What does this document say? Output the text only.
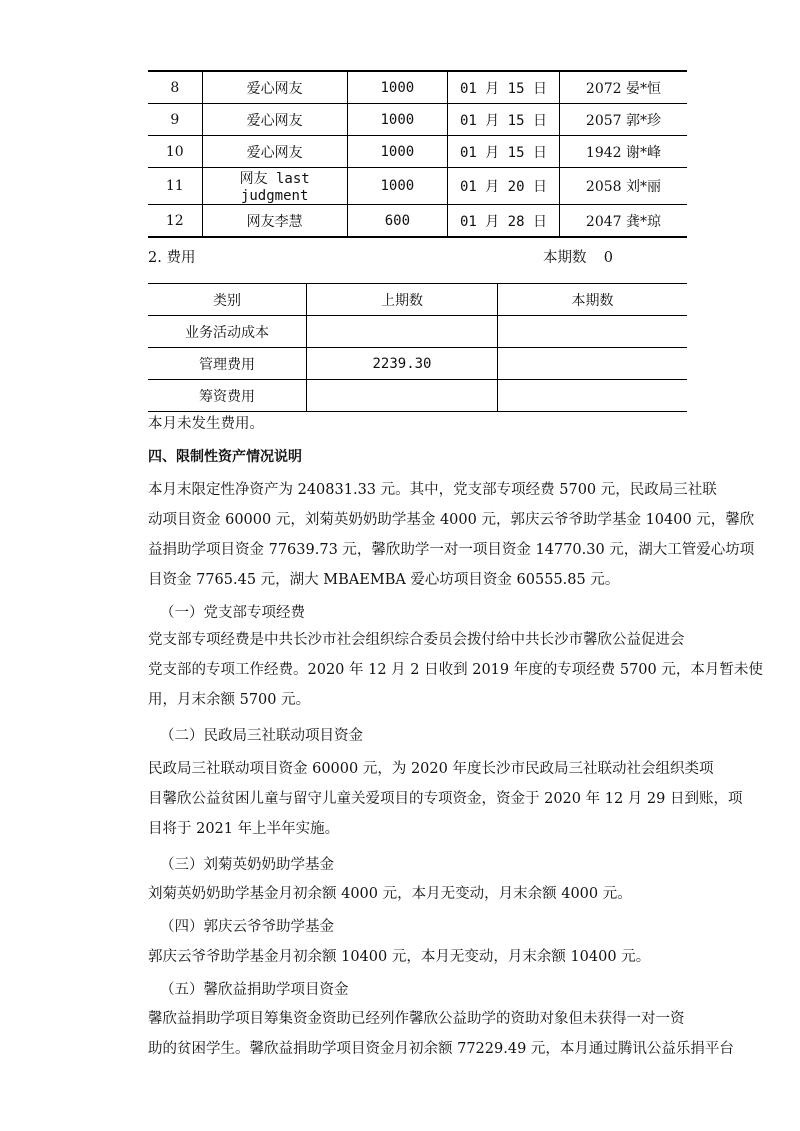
8	爱心网友	1000	01 月 15 日	2072 晏*恒
9	爱心网友	1000	01 月 15 日	2057 郭*珍
10	爱心网友	1000	01 月 15 日	1942 谢*峰
11	网友 last judgment	1000	01 月 20 日	2058 刘*丽
12	网友李慧	600	01 月 28 日	2047 龚*琼
2. 费用	本期数 0
类别	上期数	本期数
业务活动成本		
管理费用	2239.30	
筹资费用		
本月未发生费用。
四、限制性资产情况说明
本月末限定性净资产为 240831.33 元。其中，党支部专项经费 5700 元，民政局三社联
动项目资金 60000 元，刘菊英奶奶助学基金 4000 元，郭庆云爷爷助学基金 10400 元，馨欣
益捐助学项目资金 77639.73 元，馨欣助学一对一项目资金 14770.30 元，湖大工管爱心坊项
目资金 7765.45 元，湖大 MBAEMBA 爱心坊项目资金 60555.85 元。
（一）党支部专项经费
党支部专项经费是中共长沙市社会组织综合委员会拨付给中共长沙市馨欣公益促进会
党支部的专项工作经费。2020 年 12 月 2 日收到 2019 年度的专项经费 5700 元，本月暂未使
用，月末余额 5700 元。
（二）民政局三社联动项目资金
民政局三社联动项目资金 60000 元，为 2020 年度长沙市民政局三社联动社会组织类项
目馨欣公益贫困儿童与留守儿童关爱项目的专项资金，资金于 2020 年 12 月 29 日到账，项
目将于 2021 年上半年实施。
（三）刘菊英奶奶助学基金
刘菊英奶奶助学基金月初余额 4000 元，本月无变动，月末余额 4000 元。
（四）郭庆云爷爷助学基金
郭庆云爷爷助学基金月初余额 10400 元，本月无变动，月末余额 10400 元。
（五）馨欣益捐助学项目资金
馨欣益捐助学项目筹集资金资助已经列作馨欣公益助学的资助对象但未获得一对一资
助的贫困学生。馨欣益捐助学项目资金月初余额 77229.49 元，本月通过腾讯公益乐捐平台
